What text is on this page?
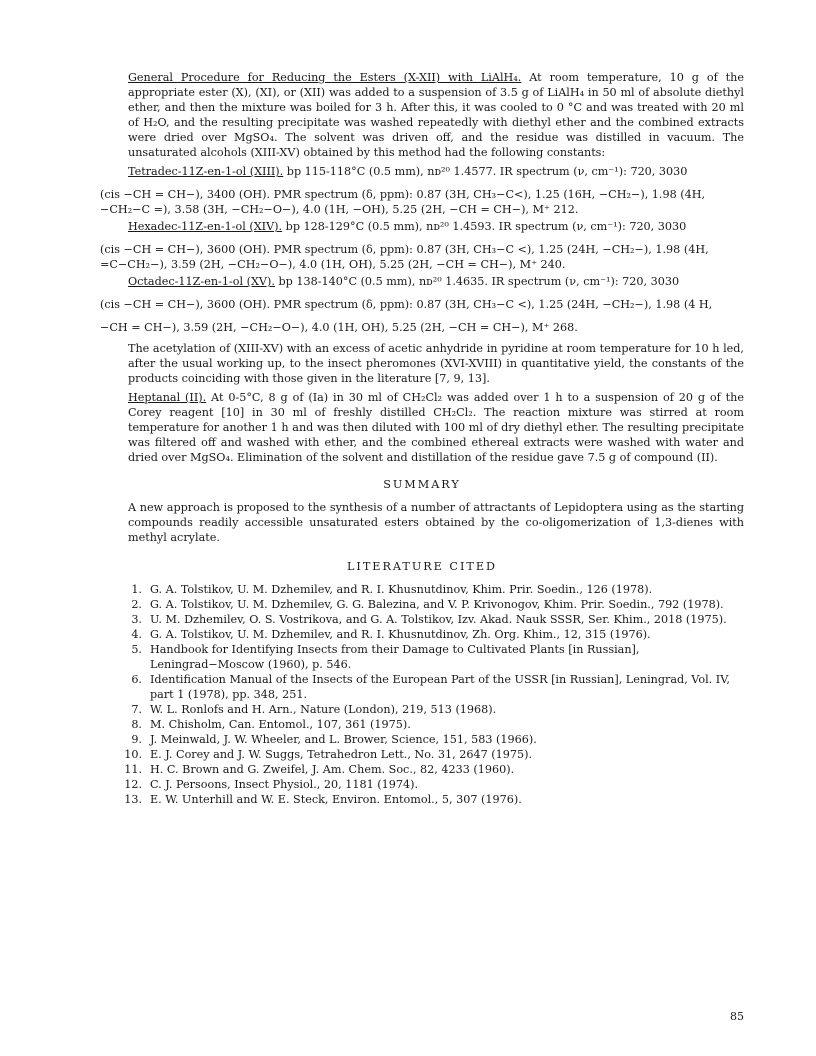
General Procedure for Reducing the Esters (X-XII) with LiAlH₄. At room temperature, 10 g of the appropriate ester (X), (XI), or (XII) was added to a suspension of 3.5 g of LiAlH₄ in 50 ml of absolute diethyl ether, and then the mixture was boiled for 3 h. After this, it was cooled to 0 °C and was treated with 20 ml of H₂O, and the resulting precipitate was washed repeatedly with diethyl ether and the combined extracts were dried over MgSO₄. The solvent was driven off, and the residue was distilled in vacuum. The unsaturated alcohols (XIII-XV) obtained by this method had the following constants:

Tetradec-11Z-en-1-ol (XIII). bp 115-118°C (0.5 mm), nᴅ²⁰ 1.4577. IR spectrum (ν, cm⁻¹): 720, 3030

(cis −CH = CH−), 3400 (OH). PMR spectrum (δ, ppm): 0.87 (3H, CH₃−C<), 1.25 (16H, −CH₂−), 1.98 (4H,

−CH₂−C =), 3.58 (3H, −CH₂−O−), 4.0 (1H, −OH), 5.25 (2H, −CH = CH−), M⁺ 212.

Hexadec-11Z-en-1-ol (XIV). bp 128-129°C (0.5 mm), nᴅ²⁰ 1.4593. IR spectrum (ν, cm⁻¹): 720, 3030

(cis −CH = CH−), 3600 (OH). PMR spectrum (δ, ppm): 0.87 (3H, CH₃−C <), 1.25 (24H, −CH₂−), 1.98 (4H,

=C−CH₂−), 3.59 (2H, −CH₂−O−), 4.0 (1H, OH), 5.25 (2H, −CH = CH−), M⁺ 240.

Octadec-11Z-en-1-ol (XV). bp 138-140°C (0.5 mm), nᴅ²⁰ 1.4635. IR spectrum (ν, cm⁻¹): 720, 3030

(cis −CH = CH−), 3600 (OH). PMR spectrum (δ, ppm): 0.87 (3H, CH₃−C <), 1.25 (24H, −CH₂−), 1.98 (4 H,

−CH = CH−), 3.59 (2H, −CH₂−O−), 4.0 (1H, OH), 5.25 (2H, −CH = CH−), M⁺ 268.

The acetylation of (XIII-XV) with an excess of acetic anhydride in pyridine at room temperature for 10 h led, after the usual working up, to the insect pheromones (XVI-XVIII) in quantitative yield, the constants of the products coinciding with those given in the literature [7, 9, 13].

Heptanal (II). At 0-5°C, 8 g of (Ia) in 30 ml of CH₂Cl₂ was added over 1 h to a suspension of 20 g of the Corey reagent [10] in 30 ml of freshly distilled CH₂Cl₂. The reaction mixture was stirred at room temperature for another 1 h and was then diluted with 100 ml of dry diethyl ether. The resulting precipitate was filtered off and washed with ether, and the combined ethereal extracts were washed with water and dried over MgSO₄. Elimination of the solvent and distillation of the residue gave 7.5 g of compound (II).

SUMMARY

A new approach is proposed to the synthesis of a number of attractants of Lepidoptera using as the starting compounds readily accessible unsaturated esters obtained by the co-oligomerization of 1,3-dienes with methyl acrylate.

LITERATURE CITED
1. G. A. Tolstikov, U. M. Dzhemilev, and R. I. Khusnutdinov, Khim. Prir. Soedin., 126 (1978).
2. G. A. Tolstikov, U. M. Dzhemilev, G. G. Balezina, and V. P. Krivonogov, Khim. Prir. Soedin., 792 (1978).
3. U. M. Dzhemilev, O. S. Vostrikova, and G. A. Tolstikov, Izv. Akad. Nauk SSSR, Ser. Khim., 2018 (1975).
4. G. A. Tolstikov, U. M. Dzhemilev, and R. I. Khusnutdinov, Zh. Org. Khim., 12, 315 (1976).
5. Handbook for Identifying Insects from their Damage to Cultivated Plants [in Russian], Leningrad−Moscow (1960), p. 546.
6. Identification Manual of the Insects of the European Part of the USSR [in Russian], Leningrad, Vol. IV, part 1 (1978), pp. 348, 251.
7. W. L. Ronlofs and H. Arn., Nature (London), 219, 513 (1968).
8. M. Chisholm, Can. Entomol., 107, 361 (1975).
9. J. Meinwald, J. W. Wheeler, and L. Brower, Science, 151, 583 (1966).
10. E. J. Corey and J. W. Suggs, Tetrahedron Lett., No. 31, 2647 (1975).
11. H. C. Brown and G. Zweifel, J. Am. Chem. Soc., 82, 4233 (1960).
12. C. J. Persoons, Insect Physiol., 20, 1181 (1974).
13. E. W. Unterhill and W. E. Steck, Environ. Entomol., 5, 307 (1976).
85
